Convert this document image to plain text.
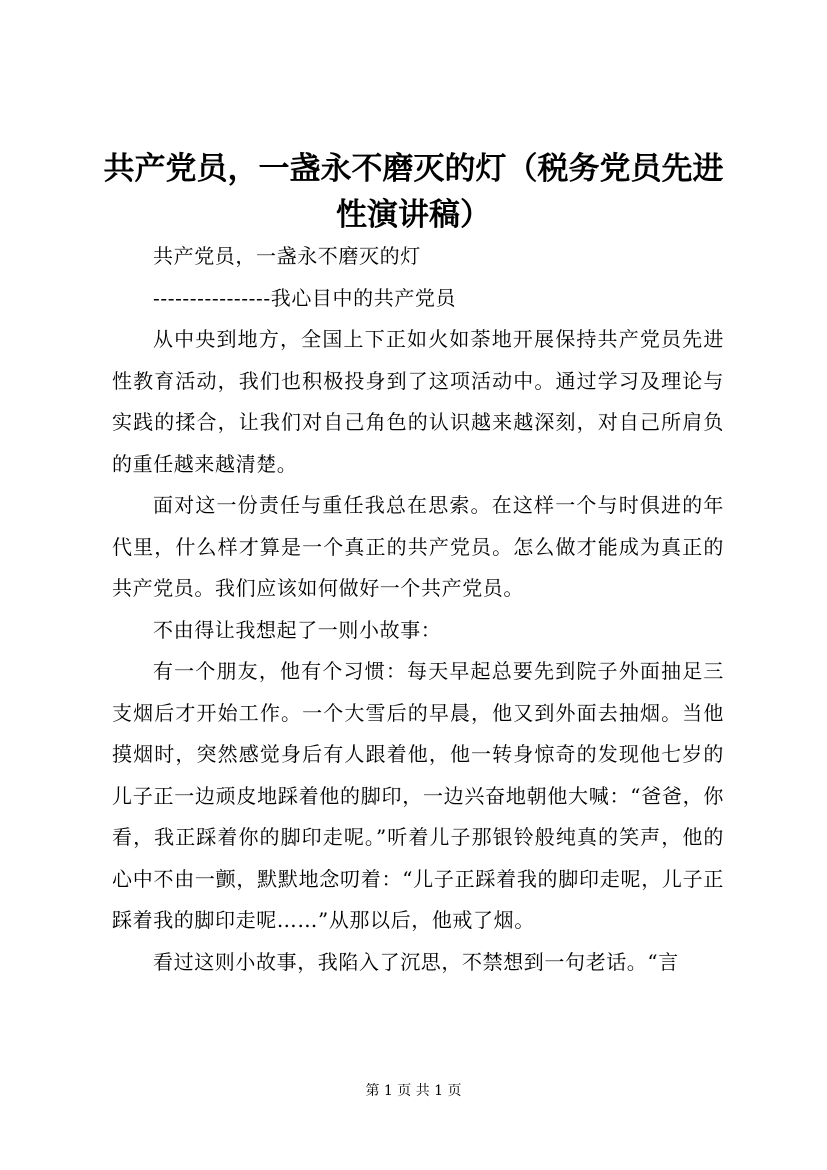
共产党员，一盏永不磨灭的灯（税务党员先进性演讲稿）

共产党员，一盏永不磨灭的灯

----------------我心目中的共产党员

从中央到地方，全国上下正如火如荼地开展保持共产党员先进性教育活动，我们也积极投身到了这项活动中。通过学习及理论与实践的揉合，让我们对自己角色的认识越来越深刻，对自己所肩负的重任越来越清楚。

面对这一份责任与重任我总在思索。在这样一个与时俱进的年代里，什么样才算是一个真正的共产党员。怎么做才能成为真正的共产党员。我们应该如何做好一个共产党员。

不由得让我想起了一则小故事：

有一个朋友，他有个习惯：每天早起总要先到院子外面抽足三支烟后才开始工作。一个大雪后的早晨，他又到外面去抽烟。当他摸烟时，突然感觉身后有人跟着他，他一转身惊奇的发现他七岁的儿子正一边顽皮地踩着他的脚印，一边兴奋地朝他大喊：“爸爸，你看，我正踩着你的脚印走呢。”听着儿子那银铃般纯真的笑声，他的心中不由一颤，默默地念叨着：“儿子正踩着我的脚印走呢，儿子正踩着我的脚印走呢……”从那以后，他戒了烟。

看过这则小故事，我陷入了沉思，不禁想到一句老话。“言

第 1 页 共 1 页
